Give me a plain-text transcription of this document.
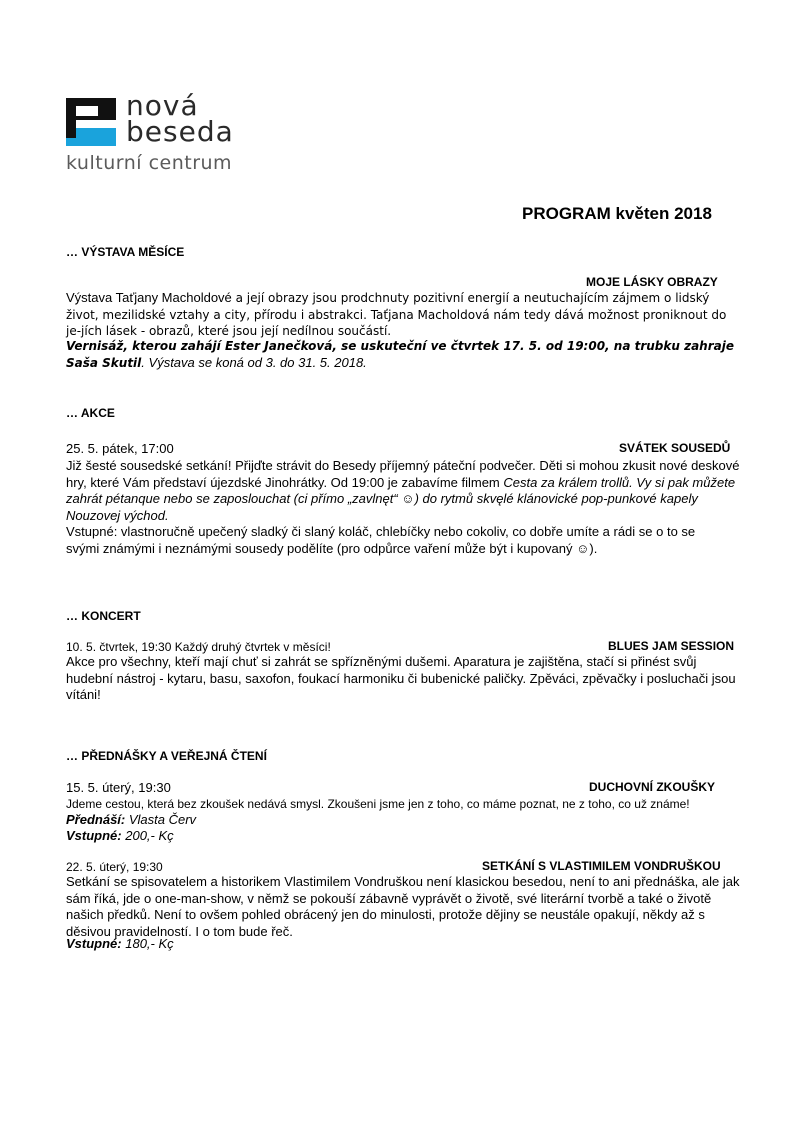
nová
beseda
kulturní centrum
PROGRAM květen 2018
… VÝSTAVA MĚSÍCE
MOJE LÁSKY OBRAZY
Výstava Taťjany Macholdové a její obrazy jsou prodchnuty pozitivní energií a neutuchajícím zájmem o lidský život, mezilidské vztahy a city, přírodu i abstrakci. Taťjana Macholdová nám tedy dává možnost proniknout do je-jích lásek - obrazů, které jsou její nedílnou součástí.
Vernisáž, kterou zahájí Ester Janečková, se uskuteční ve čtvrtek 17. 5. od 19:00, na trubku zahraje Saša Skutil. Výstava se koná od 3. do 31. 5. 2018.
… AKCE
25. 5. pátek, 17:00	SVÁTEK SOUSEDŮ
Již šesté sousedské setkání! Přijďte strávit do Besedy příjemný páteční podvečer. Děti si mohou zkusit nové deskové hry, které Vám představí újezdské Jinohrátky. Od 19:00 je zabavíme filmem Cesta za králem trollů. Vy si pak můžete zahrát pétanque nebo se zaposlouchat (ci přímo „zavlnęt“ ☺) do rytmů skvęlé klánovické pop-punkové kapely Nouzovej východ.
Vstupné: vlastnoručně upečený sladký či slaný koláč, chlebíčky nebo cokoliv, co dobře umíte a rádi se o to se svými známými i neznámými sousedy podělíte (pro odpůrce vaření může být i kupovaný ☺).
… KONCERT
10. 5. čtvrtek, 19:30 Každý druhý čtvrtek v měsíci!	BLUES JAM SESSION
Akce pro všechny, kteří mají chuť si zahrát se spřízněnými dušemi. Aparatura je zajištěna, stačí si přinést svůj hudební nástroj - kytaru, basu, saxofon, foukací harmoniku či bubenické paličky. Zpěváci, zpěvačky i posluchači jsou vítáni!
… PŘEDNÁŠKY A VEŘEJNÁ ČTENÍ
15. 5. úterý, 19:30	DUCHOVNÍ ZKOUŠKY
Jdeme cestou, která bez zkoušek nedává smysl. Zkoušeni jsme jen z toho, co máme poznat, ne z toho, co už známe!
Přednáší: Vlasta Červ
Vstupné: 200,- Kç
22. 5. úterý, 19:30	SETKÁNÍ S VLASTIMILEM VONDRUŠKOU
Setkání se spisovatelem a historikem Vlastimilem Vondruškou není klasickou besedou, není to ani přednáška, ale jak sám říká, jde o one-man-show, v němž se pokouší zábavně vyprávět o životě, své literární tvorbě a také o životě našich předků. Není to ovšem pohled obrácený jen do minulosti, protože dějiny se neustále opakují, někdy až s děsivou pravidelností. I o tom bude řeč.
Vstupné: 180,- Kç
